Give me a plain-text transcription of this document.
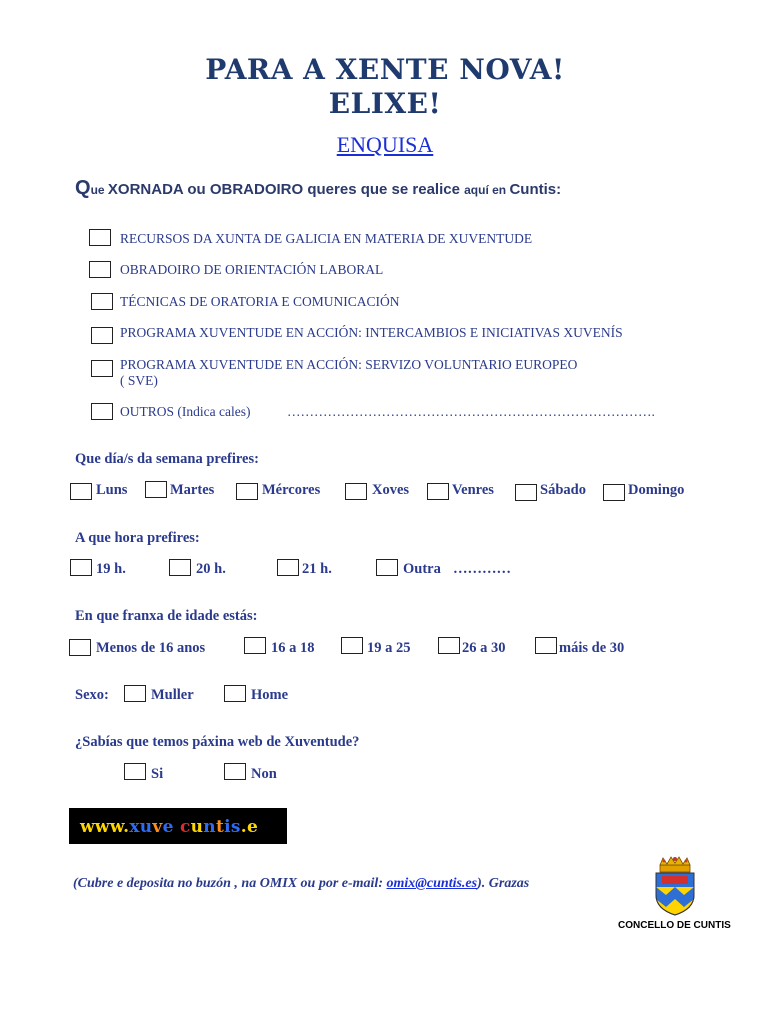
PARA A XENTE NOVA!
ELIXE!
ENQUISA
Que XORNADA ou OBRADOIRO queres que se realice aquí en Cuntis:
RECURSOS DA XUNTA DE GALICIA EN MATERIA DE XUVENTUDE
OBRADOIRO DE ORIENTACIÓN LABORAL
TÉCNICAS DE ORATORIA E COMUNICACIÓN
PROGRAMA XUVENTUDE EN ACCIÓN: INTERCAMBIOS E INICIATIVAS XUVENÍS
PROGRAMA XUVENTUDE EN ACCIÓN: SERVIZO VOLUNTARIO EUROPEO
( SVE)
OUTROS (Indica cales)	……………………………………………………………………….
Que día/s da semana prefires:
Luns	Martes	Mércores	Xoves	Venres	Sábado	Domingo
A que hora prefires:
19 h.	20 h.	21 h.	Outra …………
En que franxa de idade estás:
Menos de 16 anos	16 a 18	19 a 25	26 a 30	máis de 30
Sexo:	Muller	Home
¿Sabías que temos páxina web de Xuventude?
Si	Non
www.xuve cuntis.e
(Cubre e deposita no buzón , na OMIX ou por e-mail: omix@cuntis.es). Grazas
CONCELLO DE CUNTIS
